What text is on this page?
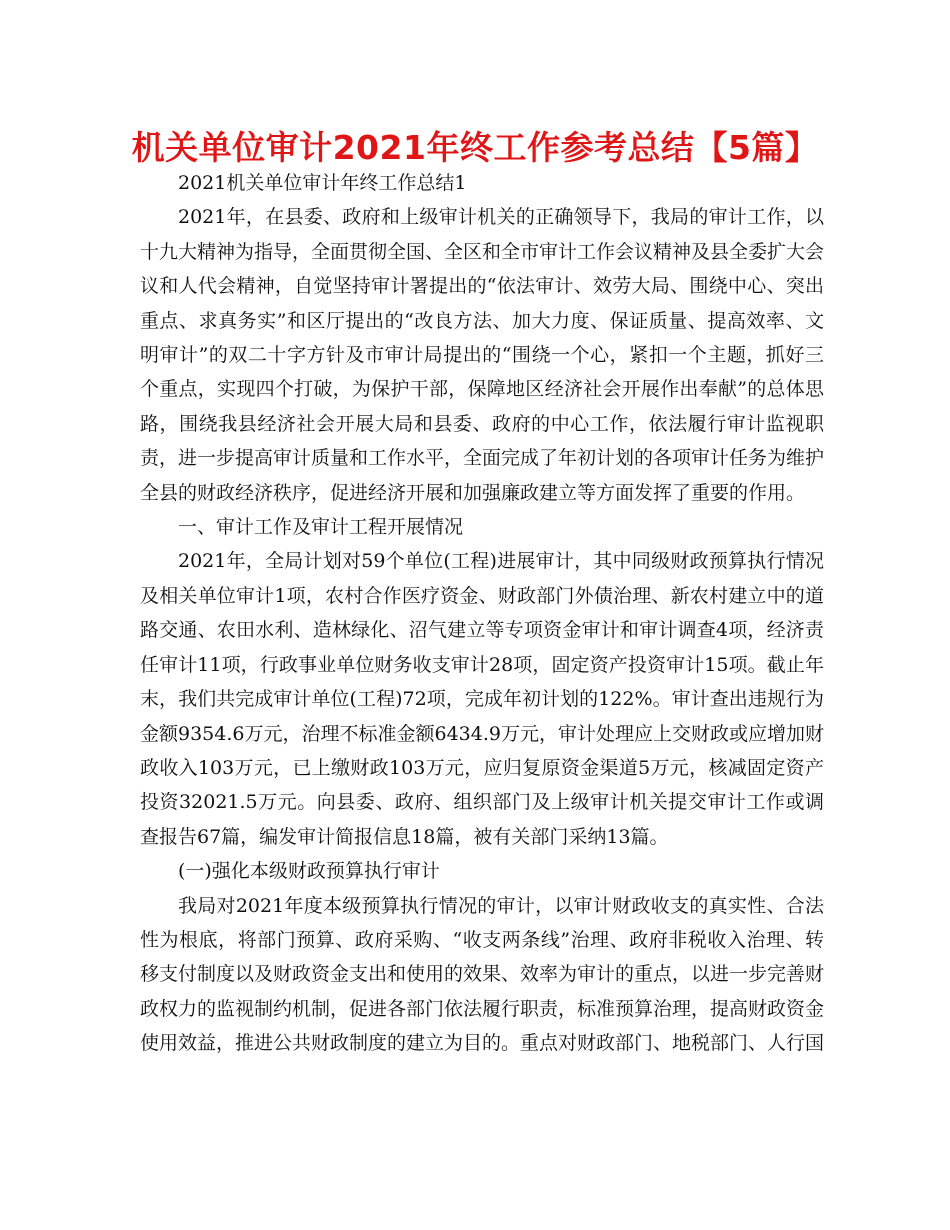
机关单位审计2021年终工作参考总结【5篇】

2021机关单位审计年终工作总结1

2021年，在县委、政府和上级审计机关的正确领导下，我局的审计工作，以十九大精神为指导，全面贯彻全国、全区和全市审计工作会议精神及县全委扩大会议和人代会精神，自觉坚持审计署提出的“依法审计、效劳大局、围绕中心、突出重点、求真务实”和区厅提出的“改良方法、加大力度、保证质量、提高效率、文明审计”的双二十字方针及市审计局提出的“围绕一个心，紧扣一个主题，抓好三个重点，实现四个打破，为保护干部，保障地区经济社会开展作出奉献”的总体思路，围绕我县经济社会开展大局和县委、政府的中心工作，依法履行审计监视职责，进一步提高审计质量和工作水平，全面完成了年初计划的各项审计任务为维护全县的财政经济秩序，促进经济开展和加强廉政建立等方面发挥了重要的作用。

一、审计工作及审计工程开展情况

2021年，全局计划对59个单位(工程)进展审计，其中同级财政预算执行情况及相关单位审计1项，农村合作医疗资金、财政部门外债治理、新农村建立中的道路交通、农田水利、造林绿化、沼气建立等专项资金审计和审计调查4项，经济责任审计11项，行政事业单位财务收支审计28项，固定资产投资审计15项。截止年末，我们共完成审计单位(工程)72项，完成年初计划的122%。审计查出违规行为金额9354.6万元，治理不标准金额6434.9万元，审计处理应上交财政或应增加财政收入103万元，已上缴财政103万元，应归复原资金渠道5万元，核减固定资产投资32021.5万元。向县委、政府、组织部门及上级审计机关提交审计工作或调查报告67篇，编发审计简报信息18篇，被有关部门采纳13篇。

(一)强化本级财政预算执行审计

我局对2021年度本级预算执行情况的审计，以审计财政收支的真实性、合法性为根底，将部门预算、政府采购、“收支两条线”治理、政府非税收入治理、转移支付制度以及财政资金支出和使用的效果、效率为审计的重点，以进一步完善财政权力的监视制约机制，促进各部门依法履行职责，标准预算治理，提高财政资金使用效益，推进公共财政制度的建立为目的。重点对财政部门、地税部门、人行国
